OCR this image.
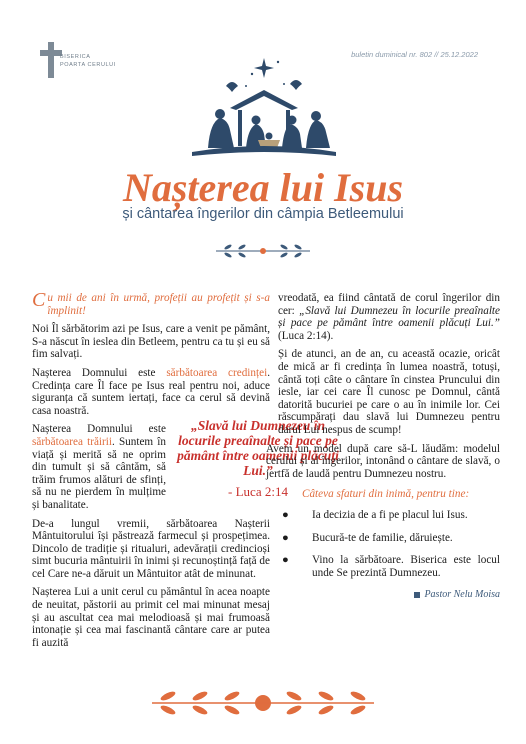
BISERICA
POARTA CERULUI
buletin duminical nr. 802 // 25.12.2022
Nașterea lui Isus
și cântarea îngerilor din câmpia Betleemului

Cu mii de ani în urmă, profeții au profețit și s-a împlinit!

Noi Îl sărbătorim azi pe Isus, care a venit pe pământ, S-a născut în ieslea din Betleem, pentru ca tu și eu să fim salvați.

Nașterea Domnului este sărbătoarea credinței. Credința care Îl face pe Isus real pentru noi, aduce siguranța că suntem iertați, face ca cerul să devină casa noastră.

Nașterea Domnului este sărbătoarea trăirii. Suntem în viață și merită să ne oprim din tumult și să cântăm, să trăim frumos alături de sfinți, să nu ne pierdem în mulțime și banalitate.

De-a lungul vremii, sărbătoarea Nașterii Mântuitorului își păstrează farmecul și prospețimea. Dincolo de tradiție și ritualuri, adevărații credincioși simt bucuria mântuirii în inimi și recunoștință față de cel Care ne-a dăruit un Mântuitor atât de minunat.

Nașterea Lui a unit cerul cu pământul în acea noapte de neuitat, păstorii au primit cel mai minunat mesaj și au ascultat cea mai melodioasă și mai frumoasă intonație și cea mai fascinantă cântare care ar putea fi auzită

„Slavă lui Dumnezeu în locurile preaînalte și pace pe pământ între oamenii plăcuți Lui.”
- Luca 2:14

vreodată, ea fiind cântată de corul îngerilor din cer: „Slavă lui Dumnezeu în locurile preaînalte și pace pe pământ între oamenii plăcuți Lui.” (Luca 2:14).

Și de atunci, an de an, cu această ocazie, oricât de mică ar fi credința în lumea noastră, totuși, cântă toți câte o cântare în cinstea Pruncului din iesle, iar cei care Îl cunosc pe Domnul, cântă datorită bucuriei pe care o au în inimile lor. Cei răscumpărați dau slavă lui Dumnezeu pentru darul Lui nespus de scump!

Avem un model după care să-L lăudăm: modelul cerului și al îngerilor, intonând o cântare de slavă, o jertfă de laudă pentru Dumnezeu nostru.

Câteva sfaturi din inimă, pentru tine:
● Ia decizia de a fi pe placul lui Isus.
● Bucură-te de familie, dăruiește.
● Vino la sărbătoare. Biserica este locul unde Se prezintă Dumnezeu.
Pastor Nelu Moisa
